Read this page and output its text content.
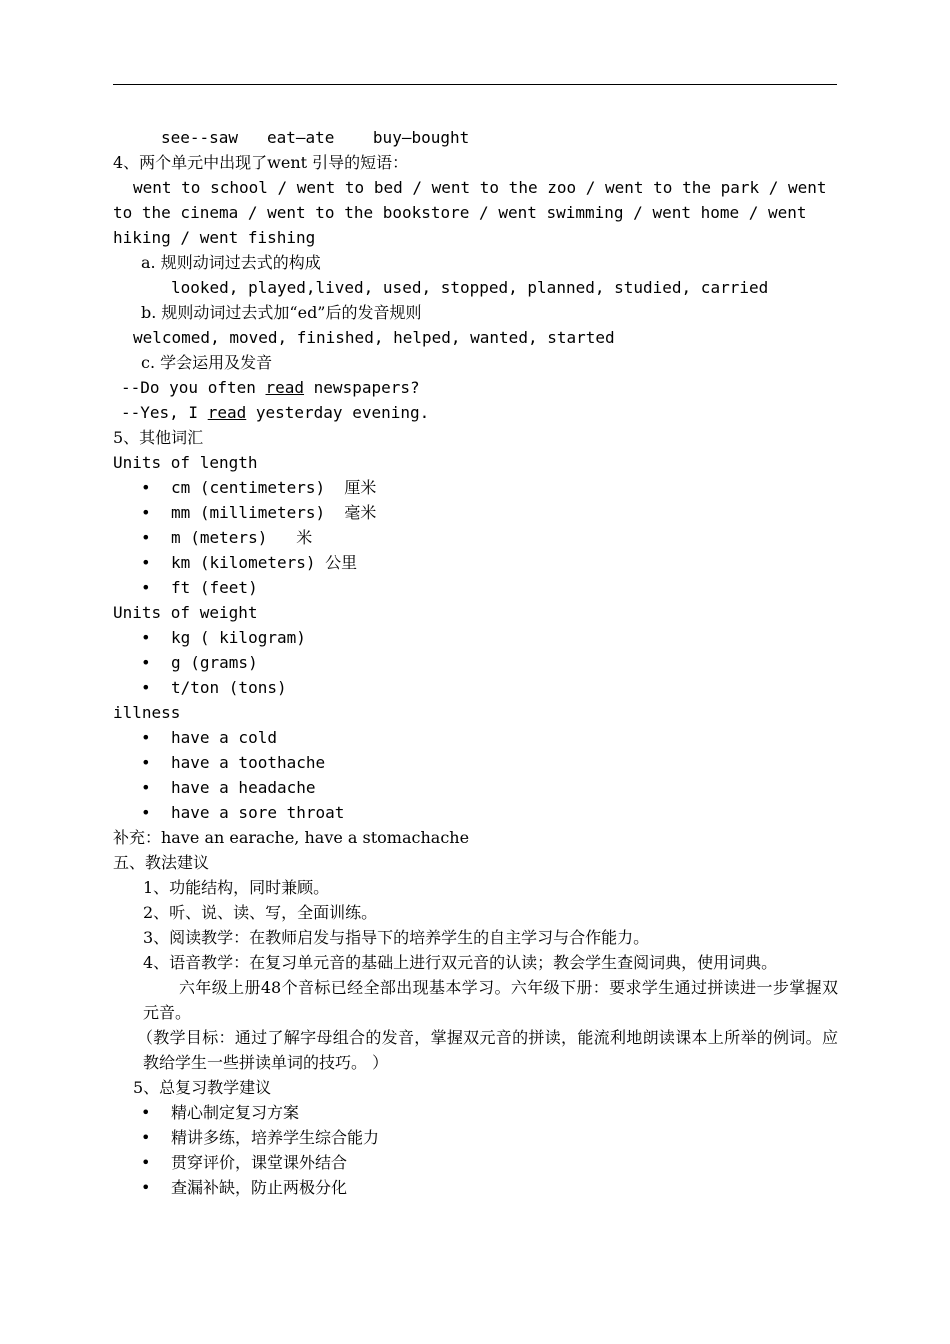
see--saw   eat—ate    buy—bought
4、两个单元中出现了went 引导的短语：
went to school / went to bed / went to the zoo / went to the park / went to the cinema / went to the bookstore / went swimming / went home / went hiking / went fishing
a. 规则动词过去式的构成
looked, played,lived, used, stopped, planned, studied, carried
b. 规则动词过去式加“ed”后的发音规则
welcomed, moved, finished, helped, wanted, started
c. 学会运用及发音
--Do you often read newspapers?
--Yes, I read yesterday evening.
5、其他词汇
Units of length
• cm (centimeters)  厘米
• mm (millimeters)  毫米
• m (meters)   米
• km (kilometers) 公里
• ft (feet)
Units of weight
• kg ( kilogram)
• g (grams)
• t/ton (tons)
illness
• have a cold
• have a toothache
• have a headache
• have a sore throat
补充：have an earache, have a stomachache
五、教法建议
1、功能结构，同时兼顾。
2、听、说、读、写，全面训练。
3、阅读教学：在教师启发与指导下的培养学生的自主学习与合作能力。
4、语音教学：在复习单元音的基础上进行双元音的认读；教会学生查阅词典，使用词典。
六年级上册48个音标已经全部出现基本学习。六年级下册：要求学生通过拼读进一步掌握双元音。
（教学目标：通过了解字母组合的发音，掌握双元音的拼读，能流利地朗读课本上所举的例词。应教给学生一些拼读单词的技巧。 ）
5、总复习教学建议
• 精心制定复习方案
• 精讲多练，培养学生综合能力
• 贯穿评价，课堂课外结合
• 查漏补缺，防止两极分化
